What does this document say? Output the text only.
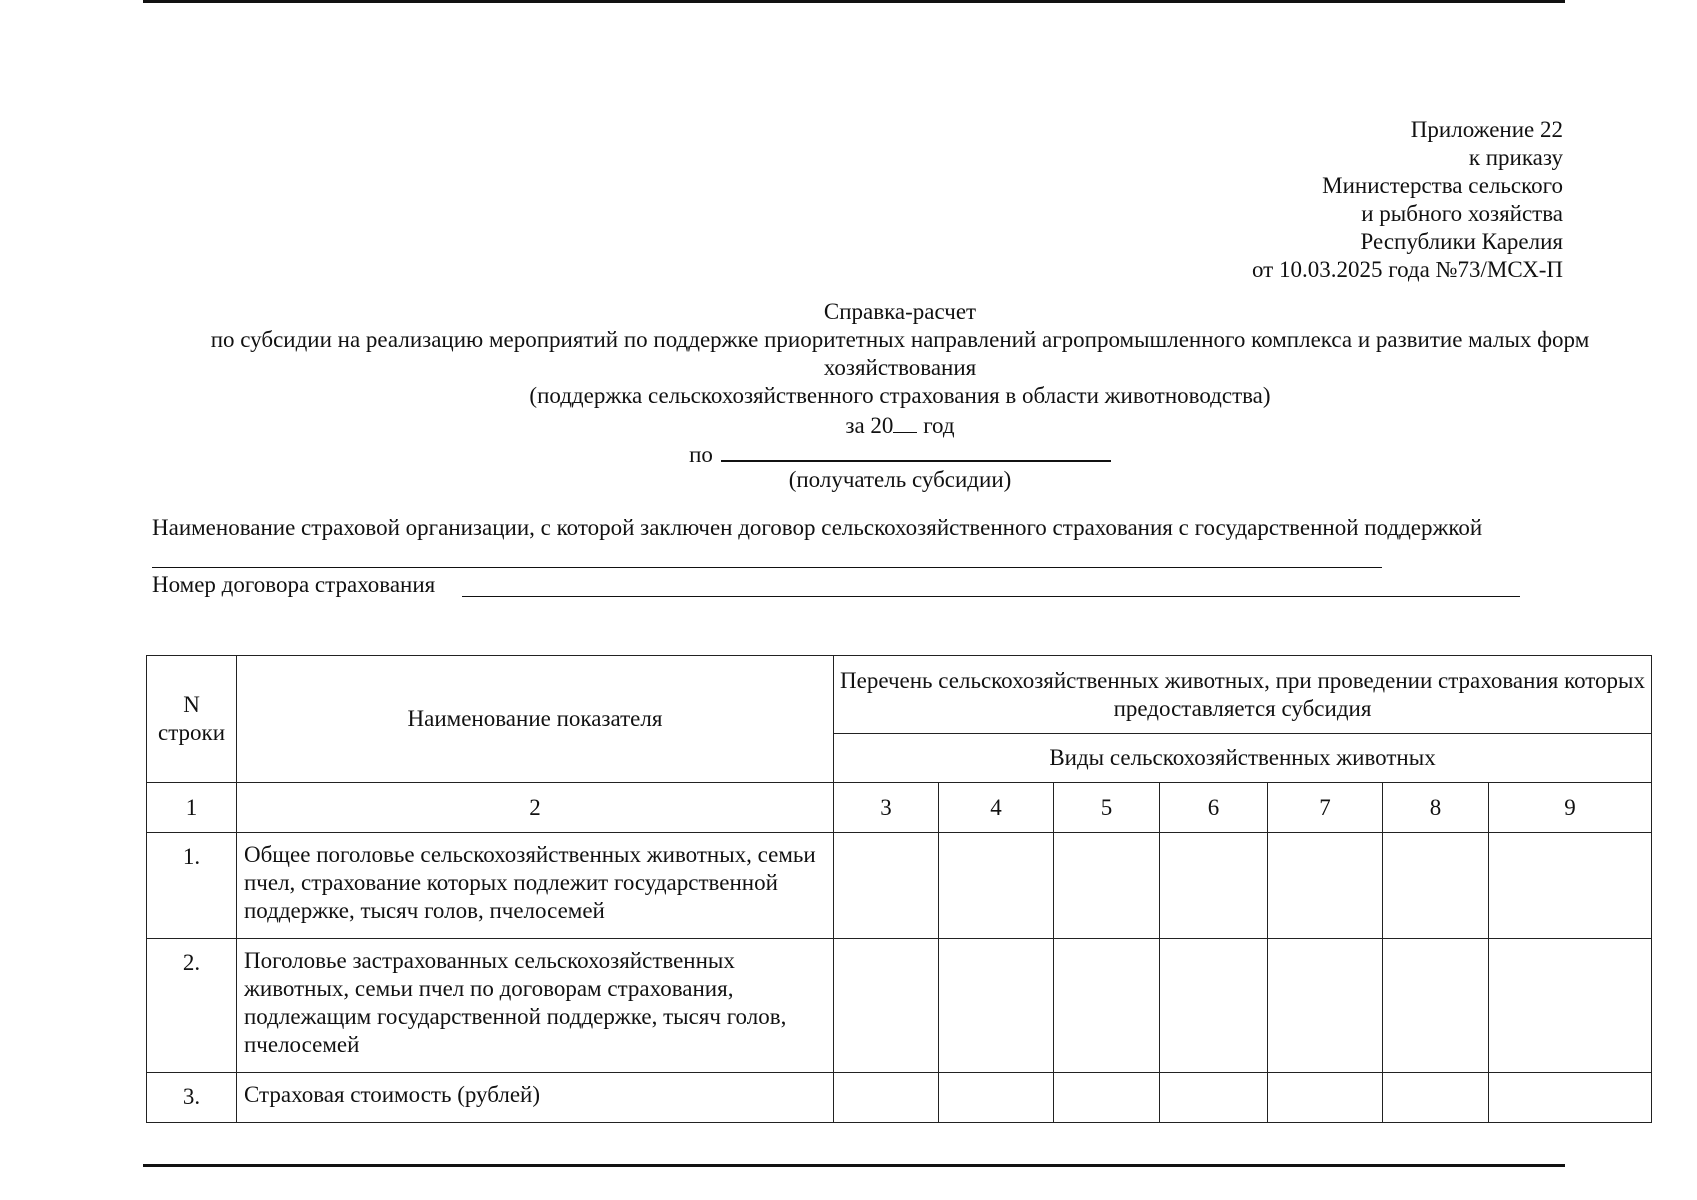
Приложение 22
к приказу
Министерства сельского
и рыбного хозяйства
Республики Карелия
от 10.03.2025 года №73/МСХ-П
Справка-расчет
по субсидии на реализацию мероприятий по поддержке приоритетных направлений агропромышленного комплекса и развитие малых форм
хозяйствования
(поддержка сельскохозяйственного страхования в области животноводства)
за 20 год
по
(получатель субсидии)
Наименование страховой организации, с которой заключен договор сельскохозяйственного страхования с государственной поддержкой
Номер договора страхования
N строки	Наименование показателя	Перечень сельскохозяйственных животных, при проведении страхования которых предоставляется субсидия						
		Виды сельскохозяйственных животных						
1	2	3	4	5	6	7	8	9
1.	Общее поголовье сельскохозяйственных животных, семьи пчел, страхование которых подлежит государственной поддержке, тысяч голов, пчелосемей							
2.	Поголовье застрахованных сельскохозяйственных животных, семьи пчел по договорам страхования, подлежащим государственной поддержке, тысяч голов, пчелосемей							
3.	Страховая стоимость (рублей)							
